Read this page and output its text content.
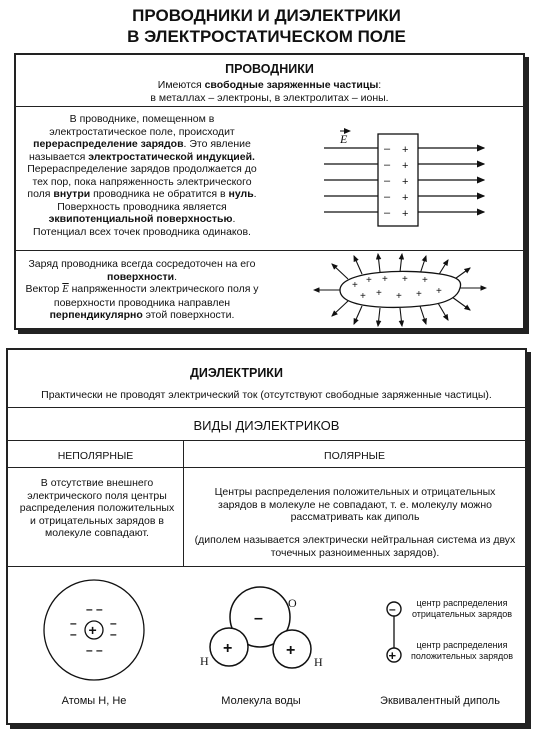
ПРОВОДНИКИ И ДИЭЛЕКТРИКИ
В ЭЛЕКТРОСТАТИЧЕСКОМ ПОЛЕ
ПРОВОДНИКИ
Имеются свободные заряженные частицы:
в металлах – электроны, в электролитах – ионы.
В проводнике, помещенном в электростатическое поле, происходит перераспределение зарядов. Это явление называется электростатической индукцией. Перераспределение зарядов продолжается до тех пор, пока напряженность электрического поля внутри проводника не обратится в нуль.
Поверхность проводника является эквипотенциальной поверхностью.
Потенциал всех точек проводника одинаков.
– +
– +
– +
– +
– +
E
Заряд проводника всегда сосредоточен на его поверхности.
Вектор $\overline{E}$ напряженности электрического поля у поверхности проводника направлен перпендикулярно этой поверхности.
+ + + + +
+ + + + +
ДИЭЛЕКТРИКИ
Практически не проводят электрический ток (отсутствуют свободные заряженные частицы).
ВИДЫ ДИЭЛЕКТРИКОВ
НЕПОЛЯРНЫЕ	ПОЛЯРНЫЕ
В отсутствие внешнего электрического поля центры распределения положительных и отрицательных зарядов в молекуле совпадают.
Центры распределения положительных и отрицательных зарядов в молекуле не совпадают, т. е. молекулу можно рассматривать как диполь
(диполем называется электрически нейтральная система из двух точечных разноименных зарядов).
+
– –
–
–
–
–
– –
Атомы H, He
–
+	+
O
H	H
Молекула воды
–
+
центр распределения отрицательных зарядов
центр распределения положительных зарядов
Эквивалентный диполь
